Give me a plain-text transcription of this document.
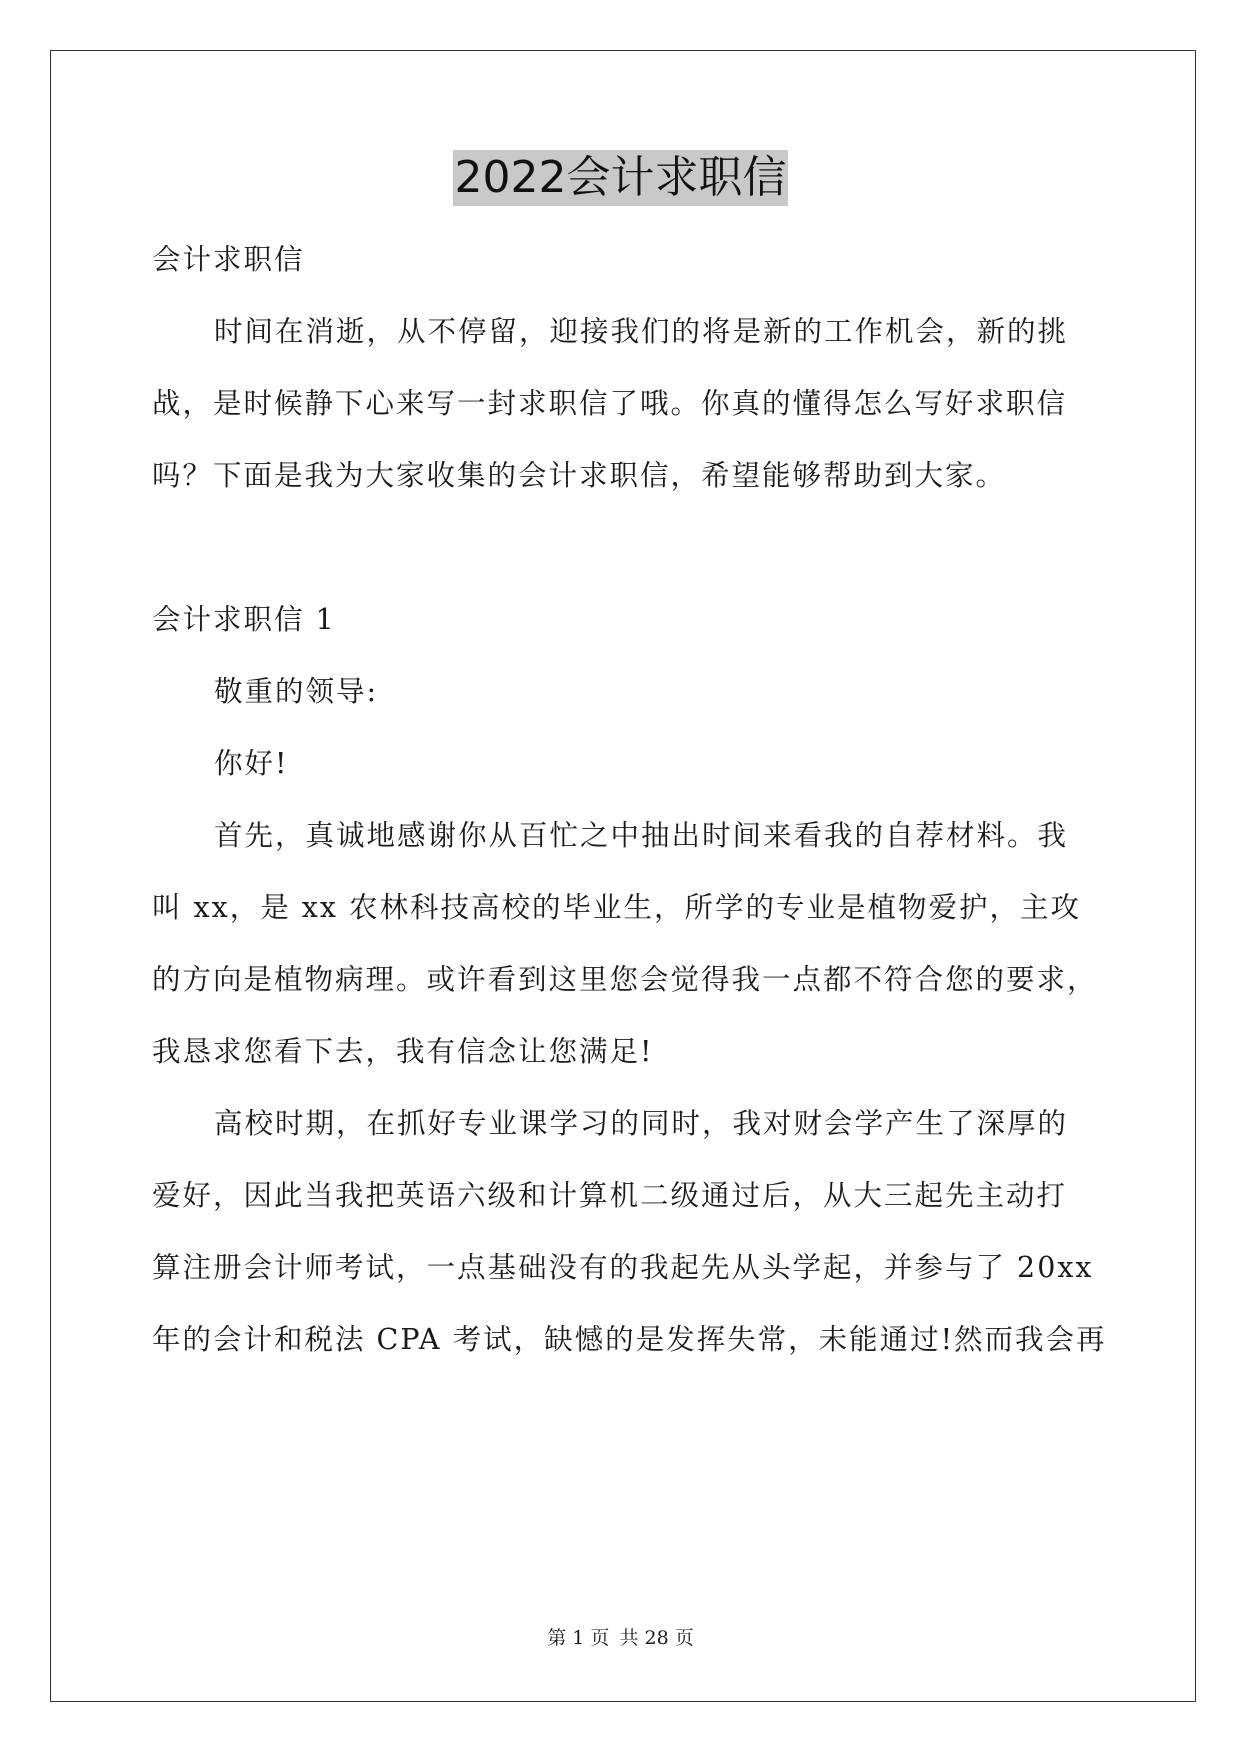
2022会计求职信
会计求职信
时间在消逝，从不停留，迎接我们的将是新的工作机会，新的挑
战，是时候静下心来写一封求职信了哦。你真的懂得怎么写好求职信
吗？下面是我为大家收集的会计求职信，希望能够帮助到大家。
会计求职信 1
敬重的领导:
你好!
首先，真诚地感谢你从百忙之中抽出时间来看我的自荐材料。我
叫 xx，是 xx 农林科技高校的毕业生，所学的专业是植物爱护，主攻
的方向是植物病理。或许看到这里您会觉得我一点都不符合您的要求，
我恳求您看下去，我有信念让您满足!
高校时期，在抓好专业课学习的同时，我对财会学产生了深厚的
爱好，因此当我把英语六级和计算机二级通过后，从大三起先主动打
算注册会计师考试，一点基础没有的我起先从头学起，并参与了 20xx
年的会计和税法 CPA 考试，缺憾的是发挥失常，未能通过!然而我会再
第 1 页 共 28 页
